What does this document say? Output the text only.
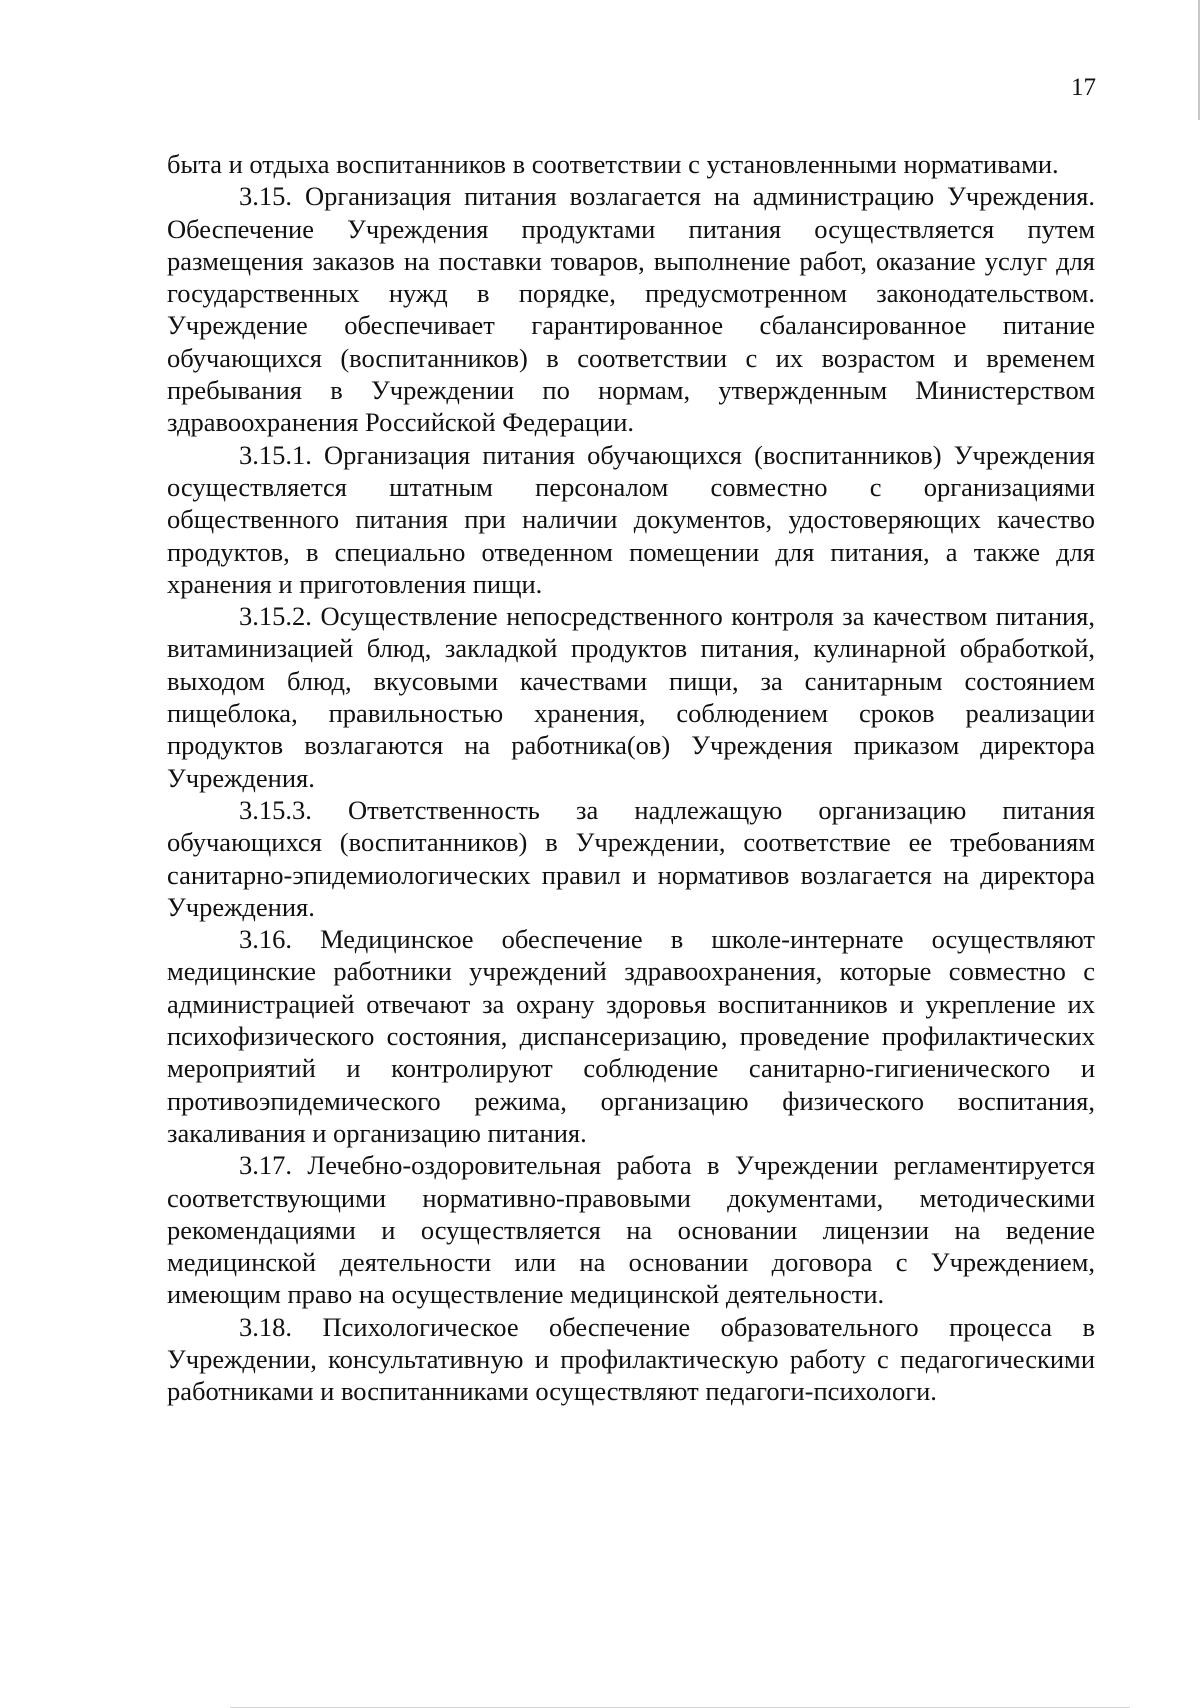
17

быта и отдыха воспитанников в соответствии с установленными нормативами.

3.15. Организация питания возлагается на администрацию Учреждения. Обеспечение Учреждения продуктами питания осуществляется путем размещения заказов на поставки товаров, выполнение работ, оказание услуг для государственных нужд в порядке, предусмотренном законодательством. Учреждение обеспечивает гарантированное сбалансированное питание обучающихся (воспитанников) в соответствии с их возрастом и временем пребывания в Учреждении по нормам, утвержденным Министерством здравоохранения Российской Федерации.

3.15.1. Организация питания обучающихся (воспитанников) Учреждения осуществляется штатным персоналом совместно с организациями общественного питания при наличии документов, удостоверяющих качество продуктов, в специально отведенном помещении для питания, а также для хранения и приготовления пищи.

3.15.2. Осуществление непосредственного контроля за качеством питания, витаминизацией блюд, закладкой продуктов питания, кулинарной обработкой, выходом блюд, вкусовыми качествами пищи, за санитарным состоянием пищеблока, правильностью хранения, соблюдением сроков реализации продуктов возлагаются на работника(ов) Учреждения приказом директора Учреждения.

3.15.3. Ответственность за надлежащую организацию питания обучающихся (воспитанников) в Учреждении, соответствие ее требованиям санитарно-эпидемиологических правил и нормативов возлагается на директора Учреждения.

3.16. Медицинское обеспечение в школе-интернате осуществляют медицинские работники учреждений здравоохранения, которые совместно с администрацией отвечают за охрану здоровья воспитанников и укрепление их психофизического состояния, диспансеризацию, проведение профилактических мероприятий и контролируют соблюдение санитарно-гигиенического и противоэпидемического режима, организацию физического воспитания, закаливания и организацию питания.

3.17. Лечебно-оздоровительная работа в Учреждении регламентируется соответствующими нормативно-правовыми документами, методическими рекомендациями и осуществляется на основании лицензии на ведение медицинской деятельности или на основании договора с Учреждением, имеющим право на осуществление медицинской деятельности.

3.18. Психологическое обеспечение образовательного процесса в Учреждении, консультативную и профилактическую работу с педагогическими работниками и воспитанниками осуществляют педагоги-психологи.
